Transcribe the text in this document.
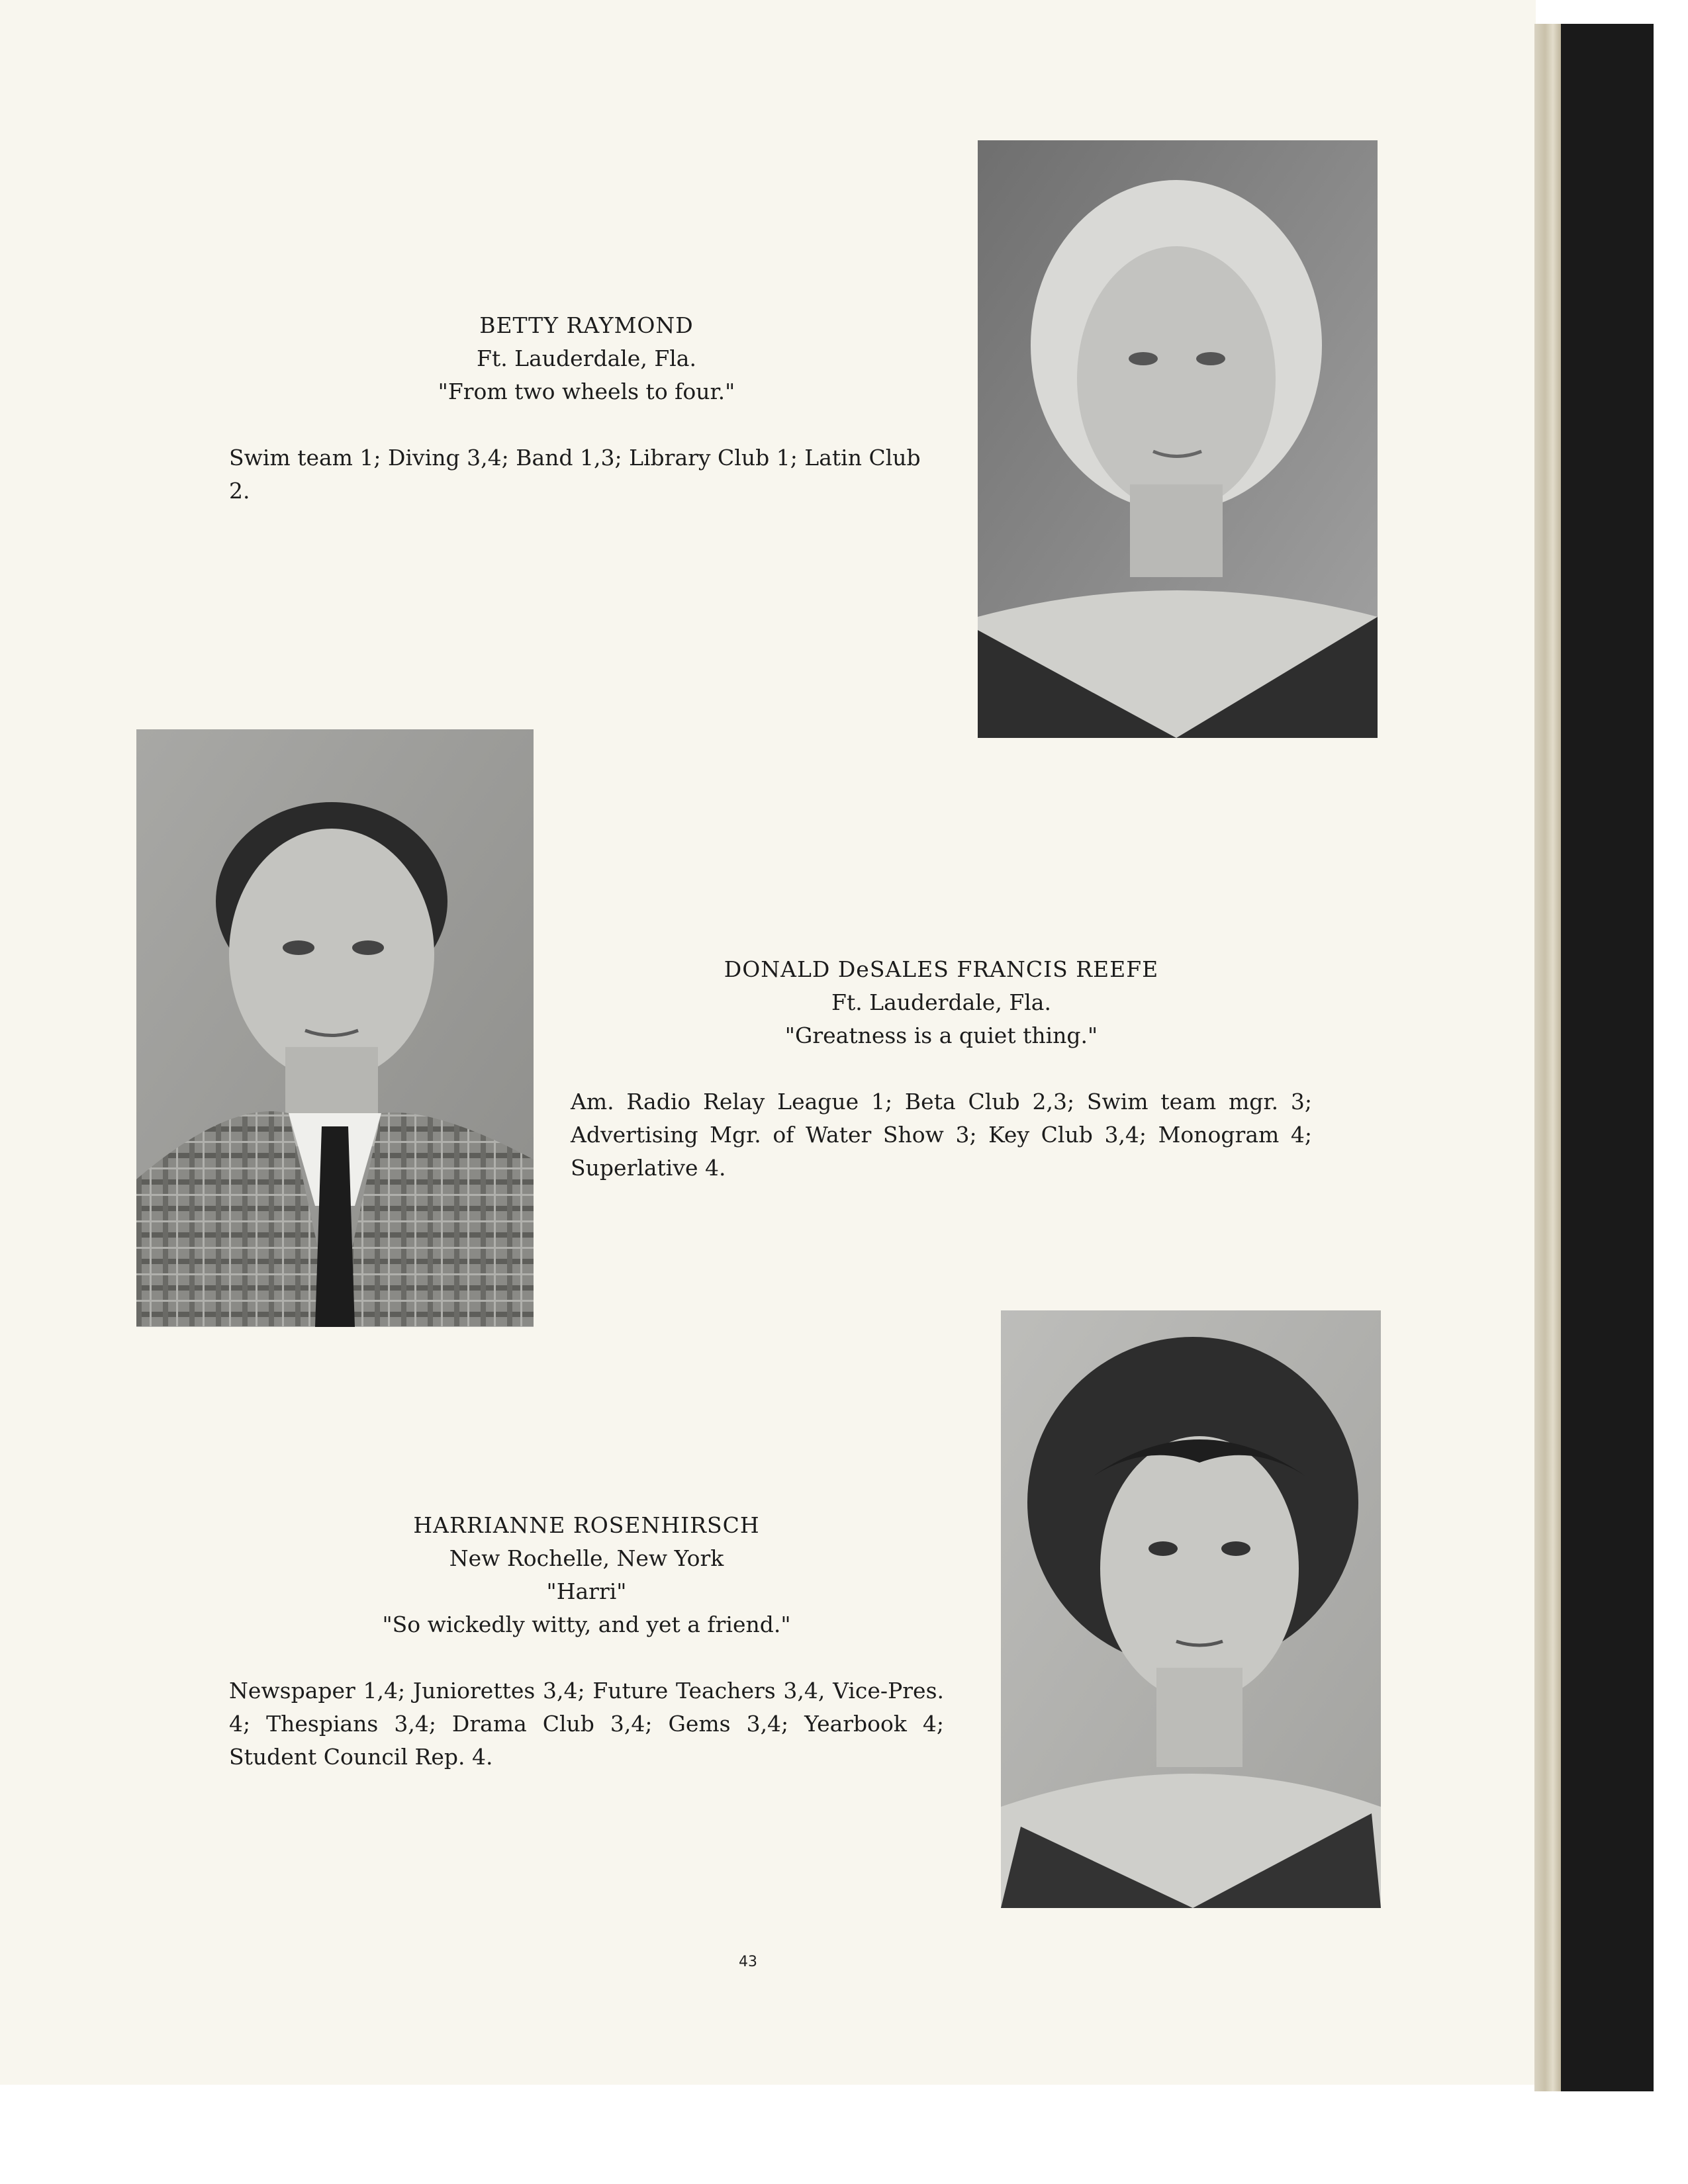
BETTY RAYMOND
Ft. Lauderdale, Fla.
"From two wheels to four."
Swim team 1; Diving 3,4; Band 1,3; Library Club 1; Latin Club 2.
DONALD DeSALES FRANCIS REEFE
Ft. Lauderdale, Fla.
"Greatness is a quiet thing."
Am. Radio Relay League 1; Beta Club 2,3; Swim team mgr. 3; Advertising Mgr. of Water Show 3; Key Club 3,4; Monogram 4; Superlative 4.
HARRIANNE ROSENHIRSCH
New Rochelle, New York
"Harri"
"So wickedly witty, and yet a friend."
Newspaper 1,4; Juniorettes 3,4; Future Teachers 3,4, Vice-Pres. 4; Thespians 3,4; Drama Club 3,4; Gems 3,4; Yearbook 4; Student Council Rep. 4.
43
